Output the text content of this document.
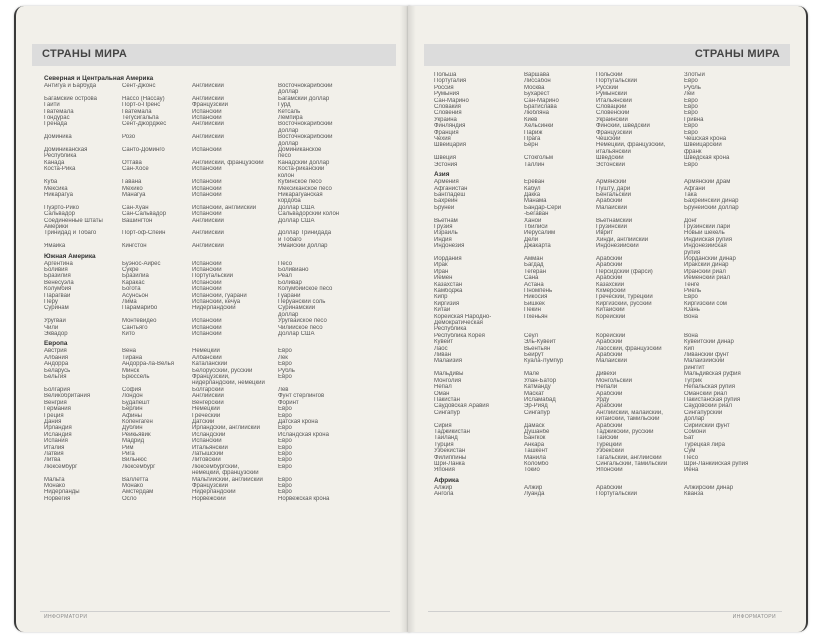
СТРАНЫ МИРА
Северная и Центральная Америка
Антигуа и Барбуда	Сент-Джонс	Английский	Восточнокарибский
доллар
Багамские острова	Нассо (Нассау)	Английский	Багамский доллар
Гаити	Порт-о-Пренс	Французский	Гурд
Гватемала	Гватемала	Испанский	Кетсаль
Гондурас	Тегусигальпа	Испанский	Лемпира
Гренада	Сент-Джорджес	Английский	Восточнокарибский
доллар
Доминика	Розо	Английский	Восточнокарибский
доллар
Доминиканская	Санто-Доминго	Испанский	Доминиканское
Республика	песо
Канада	Оттава	Английский, французский	Канадский доллар
Коста-Рика	Сан-Хосе	Испанский	Коста-риканский
колон
Куба	Гавана	Испанский	Кубинское песо
Мексика	Мехико	Испанский	Мексиканское песо
Никарагуа	Манагуа	Испанский	Никарагуанская
кордоба
Пуэрто-Рико	Сан-Хуан	Испанский, английский	Доллар США
Сальвадор	Сан-Сальвадор	Испанский	Сальвадорский колон
Соединенные Штаты	Вашингтон	Английский	Доллар США
Америки
Тринидад и Тобаго	Порт-оф-Спейн	Английский	Доллар Тринидада
и Тобаго
Ямайка	Кингстон	Английский	Ямайский доллар
Южная Америка
Аргентина	Буэнос-Айрес	Испанский	Песо
Боливия	Сукре	Испанский	Боливиано
Бразилия	Бразилиа	Португальский	Реал
Венесуэла	Каракас	Испанский	Боливар
Колумбия	Богота	Испанский	Колумбийское песо
Парагвай	Асунсьон	Испанский, гуарани	Гуарани
Перу	Лима	Испанский, кечуа	Перуанский соль
Суринам	Парамарибо	Нидерландский	Суринамский
доллар
Уругвай	Монтевидео	Испанский	Уругвайское песо
Чили	Сантьяго	Испанский	Чилийское песо
Эквадор	Кито	Испанский	Доллар США
Европа
Австрия	Вена	Немецкий	Евро
Албания	Тирана	Албанский	Лек
Андорра	Андорра-ла-Велья	Каталанский	Евро
Беларусь	Минск	Белорусский, русский	Рубль
Бельгия	Брюссель	Французский,	Евро
нидерландский, немецкий
Болгария	София	Болгарский	Лев
Великобритания	Лондон	Английский	Фунт стерлингов
Венгрия	Будапешт	Венгерский	Форинт
Германия	Берлин	Немецкий	Евро
Греция	Афины	Греческий	Евро
Дания	Копенгаген	Датский	Датская крона
Ирландия	Дублин	Ирландский, английский	Евро
Исландия	Рейкьявик	Исландский	Исландская крона
Испания	Мадрид	Испанский	Евро
Италия	Рим	Итальянский	Евро
Латвия	Рига	Латышский	Евро
Литва	Вильнюс	Литовский	Евро
Люксембург	Люксембург	Люксембургский,	Евро
немецкий, французский
Мальта	Валлетта	Мальтийский, английский	Евро
Монако	Монако	Французский	Евро
Нидерланды	Амстердам	Нидерландский	Евро
Норвегия	Осло	Норвежский	Норвежская крона
ИНФОРМАТОРИ
СТРАНЫ МИРА
Польша	Варшава	Польский	Злотый
Португалия	Лиссабон	Португальский	Евро
Россия	Москва	Русский	Рубль
Румыния	Бухарест	Румынский	Лей
Сан-Марино	Сан-Марино	Итальянский	Евро
Словакия	Братислава	Словацкий	Евро
Словения	Любляна	Словенский	Евро
Украина	Киев	Украинский	Гривна
Финляндия	Хельсинки	Финский, шведский	Евро
Франция	Париж	Французский	Евро
Чехия	Прага	Чешский	Чешская крона
Швейцария	Берн	Немецкий, французский,	Швейцарский
итальянский	франк
Швеция	Стокгольм	Шведский	Шведская крона
Эстония	Таллин	Эстонский	Евро
Азия
Армения	Ереван	Армянский	Армянский драм
Афганистан	Кабул	Пушту, дари	Афгани
Бангладеш	Дакка	Бенгальский	Така
Бахрейн	Манама	Арабский	Бахрейнский динар
Бруней	Бандар-Сери	Малайский	Брунейский доллар
-Бегаван
Вьетнам	Ханой	Вьетнамский	Донг
Грузия	Тбилиси	Грузинский	Грузинский лари
Израиль	Иерусалим	Иврит	Новый шекель
Индия	Дели	Хинди, английский	Индийская рупия
Индонезия	Джакарта	Индонезийский	Индонезийская
рупия
Иордания	Амман	Арабский	Иорданский динар
Ирак	Багдад	Арабский	Иракский динар
Иран	Тегеран	Персидский (фарси)	Иранский риал
Йемен	Сана	Арабский	Йеменский риал
Казахстан	Астана	Казахский	Тенге
Камбоджа	Пномпень	Кхмерский	Риель
Кипр	Никосия	Греческий, турецкий	Евро
Киргизия	Бишкек	Киргизский, русский	Киргизский сом
Китай	Пекин	Китайский	Юань
Корейская Народно-	Пхеньян	Корейский	Вона
Демократическая
Республика
Республика Корея	Сеул	Корейский	Вона
Кувейт	Эль-Кувейт	Арабский	Кувейтский динар
Лаос	Вьентьян	Лаосский, французский	Кип
Ливан	Бейрут	Арабский	Ливанский фунт
Малайзия	Куала-Лумпур	Малайский	Малайзийский
ринггит
Мальдивы	Мале	Дивехи	Мальдивская руфия
Монголия	Улан-Батор	Монгольский	Тугрик
Непал	Катманду	Непали	Непальская рупия
Оман	Маскат	Арабский	Оманский риал
Пакистан	Исламабад	Урду	Пакистанская рупия
Саудовская Аравия	Эр-Рияд	Арабский	Саудовский риал
Сингапур	Сингапур	Английский, малайский,	Сингапурский
китайский, тамильский	доллар
Сирия	Дамаск	Арабский	Сирийский фунт
Таджикистан	Душанбе	Таджикский, русский	Сомони
Таиланд	Бангкок	Тайский	Бат
Турция	Анкара	Турецкий	Турецкая лира
Узбекистан	Ташкент	Узбекский	Сум
Филиппины	Манила	Тагальский, английский	Песо
Шри-Ланка	Коломбо	Сингальский, тамильский	Шри-Ланкийская рупия
Япония	Токио	Японский	Иена
Африка
Алжир	Алжир	Арабский	Алжирский динар
Ангола	Луанда	Португальский	Кванза
ИНФОРМАТОРИ
